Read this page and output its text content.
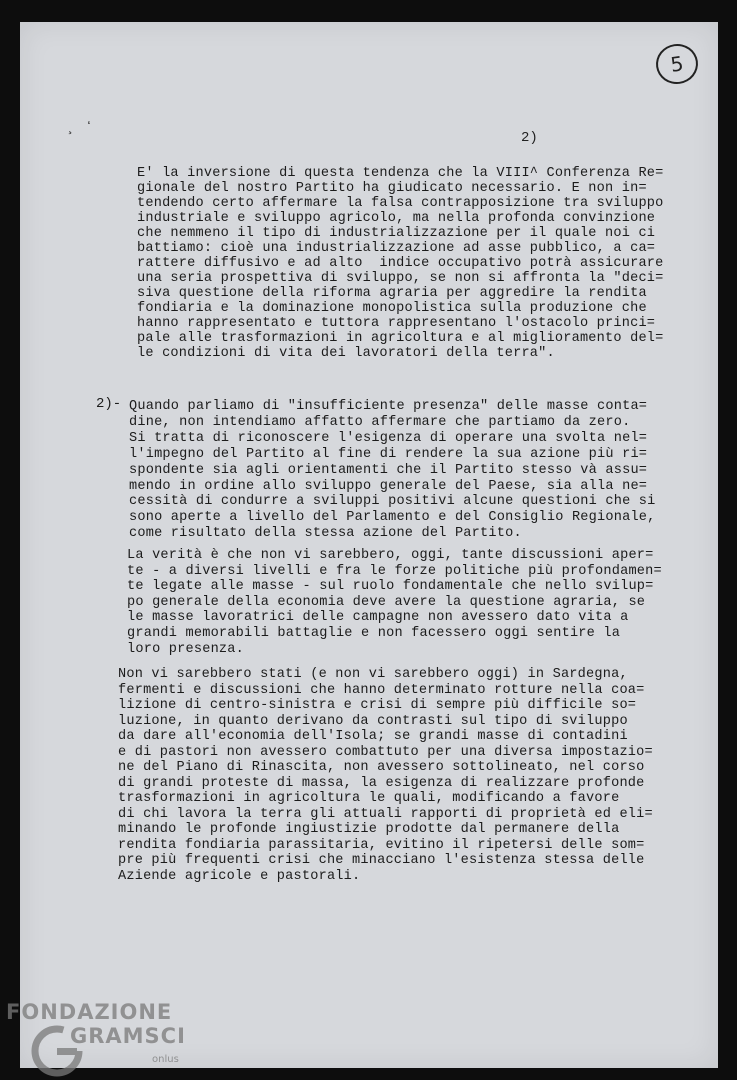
5
¸ ʻ
2)
2)-

E' la inversione di questa tendenza che la VIII^ Conferenza Re=

gionale del nostro Partito ha giudicato necessario. E non in=

tendendo certo affermare la falsa contrapposizione tra sviluppo

industriale e sviluppo agricolo, ma nella profonda convinzione

che nemmeno il tipo di industrializzazione per il quale noi ci

battiamo: cioè una industrializzazione ad asse pubblico, a ca=

rattere diffusivo e ad alto  indice occupativo potrà assicurare

una seria prospettiva di sviluppo, se non si affronta la "deci=

siva questione della riforma agraria per aggredire la rendita

fondiaria e la dominazione monopolistica sulla produzione che

hanno rappresentato e tuttora rappresentano l'ostacolo princi=

pale alle trasformazioni in agricoltura e al miglioramento del=

le condizioni di vita dei lavoratori della terra".

Quando parliamo di "insufficiente presenza" delle masse conta=

dine, non intendiamo affatto affermare che partiamo da zero.

Si tratta di riconoscere l'esigenza di operare una svolta nel=

l'impegno del Partito al fine di rendere la sua azione più ri=

spondente sia agli orientamenti che il Partito stesso và assu=

mendo in ordine allo sviluppo generale del Paese, sia alla ne=

cessità di condurre a sviluppi positivi alcune questioni che si

sono aperte a livello del Parlamento e del Consiglio Regionale,

come risultato della stessa azione del Partito.

La verità è che non vi sarebbero, oggi, tante discussioni aper=

te - a diversi livelli e fra le forze politiche più profondamen=

te legate alle masse - sul ruolo fondamentale che nello svilup=

po generale della economia deve avere la questione agraria, se

le masse lavoratrici delle campagne non avessero dato vita a

grandi memorabili battaglie e non facessero oggi sentire la

loro presenza.

Non vi sarebbero stati (e non vi sarebbero oggi) in Sardegna,

fermenti e discussioni che hanno determinato rotture nella coa=

lizione di centro-sinistra e crisi di sempre più difficile so=

luzione, in quanto derivano da contrasti sul tipo di sviluppo

da dare all'economia dell'Isola; se grandi masse di contadini

e di pastori non avessero combattuto per una diversa impostazio=

ne del Piano di Rinascita, non avessero sottolineato, nel corso

di grandi proteste di massa, la esigenza di realizzare profonde

trasformazioni in agricoltura le quali, modificando a favore

di chi lavora la terra gli attuali rapporti di proprietà ed eli=

minando le profonde ingiustizie prodotte dal permanere della

rendita fondiaria parassitaria, evitino il ripetersi delle som=

pre più frequenti crisi che minacciano l'esistenza stessa delle

Aziende agricole e pastorali.

FONDAZIONE
GRAMSCI
onlus
